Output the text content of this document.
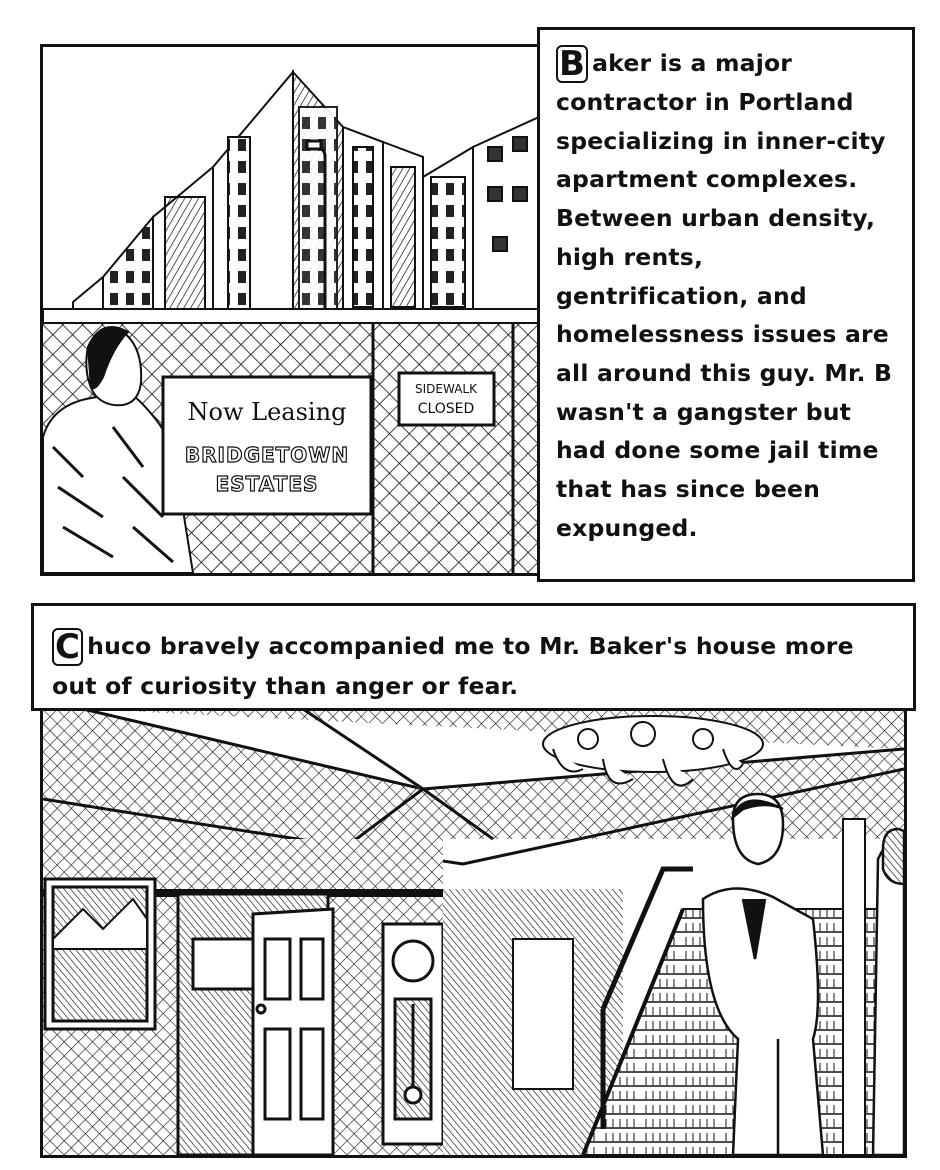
Now Leasing
BRIDGETOWN
ESTATES
SIDEWALK
CLOSED

B aker is a major contractor in Portland specializing in inner-city apartment complexes. Between urban density, high rents, gentrification, and homelessness issues are all around this guy. Mr. B wasn't a gangster but had done some jail time that has since been expunged.

C huco bravely accompanied me to Mr. Baker's house more out of curiosity than anger or fear.
